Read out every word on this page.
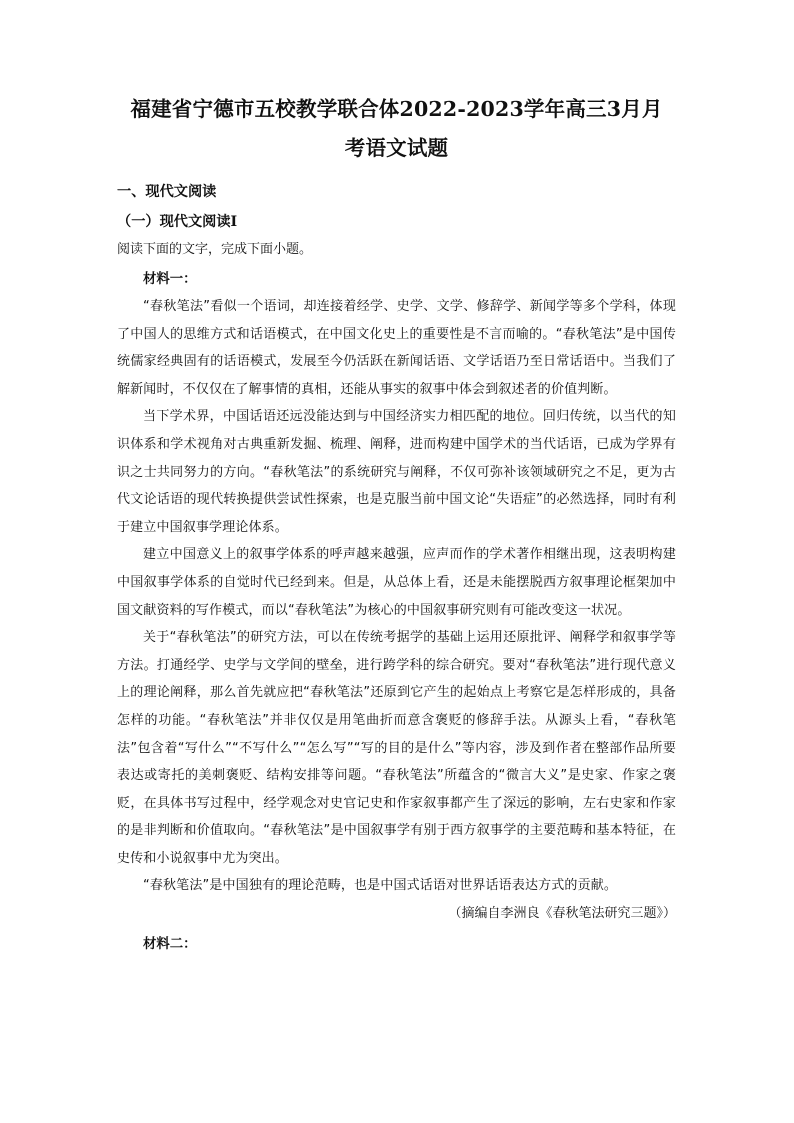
福建省宁德市五校教学联合体2022-2023学年高三3月月
考语文试题
一、现代文阅读
（一）现代文阅读Ⅰ
阅读下面的文字，完成下面小题。
材料一：

“春秋笔法”看似一个语词，却连接着经学、史学、文学、修辞学、新闻学等多个学科，体现了中国人的思维方式和话语模式，在中国文化史上的重要性是不言而喻的。“春秋笔法”是中国传统儒家经典固有的话语模式，发展至今仍活跃在新闻话语、文学话语乃至日常话语中。当我们了解新闻时，不仅仅在了解事情的真相，还能从事实的叙事中体会到叙述者的价值判断。

当下学术界，中国话语还远没能达到与中国经济实力相匹配的地位。回归传统，以当代的知识体系和学术视角对古典重新发掘、梳理、阐释，进而构建中国学术的当代话语，已成为学界有识之士共同努力的方向。“春秋笔法”的系统研究与阐释，不仅可弥补该领域研究之不足，更为古代文论话语的现代转换提供尝试性探索，也是克服当前中国文论“失语症”的必然选择，同时有利于建立中国叙事学理论体系。

建立中国意义上的叙事学体系的呼声越来越强，应声而作的学术著作相继出现，这表明构建中国叙事学体系的自觉时代已经到来。但是，从总体上看，还是未能摆脱西方叙事理论框架加中国文献资料的写作模式，而以“春秋笔法”为核心的中国叙事研究则有可能改变这一状况。

关于“春秋笔法”的研究方法，可以在传统考据学的基础上运用还原批评、阐释学和叙事学等方法。打通经学、史学与文学间的壁垒，进行跨学科的综合研究。要对“春秋笔法”进行现代意义上的理论阐释，那么首先就应把“春秋笔法”还原到它产生的起始点上考察它是怎样形成的，具备怎样的功能。“春秋笔法”并非仅仅是用笔曲折而意含褒贬的修辞手法。从源头上看，“春秋笔法”包含着“写什么”“不写什么”“怎么写”“写的目的是什么”等内容，涉及到作者在整部作品所要表达或寄托的美刺褒贬、结构安排等问题。“春秋笔法”所蕴含的“微言大义”是史家、作家之褒贬，在具体书写过程中，经学观念对史官记史和作家叙事都产生了深远的影响，左右史家和作家的是非判断和价值取向。“春秋笔法”是中国叙事学有别于西方叙事学的主要范畴和基本特征，在史传和小说叙事中尤为突出。

“春秋笔法”是中国独有的理论范畴，也是中国式话语对世界话语表达方式的贡献。

（摘编自李洲良《春秋笔法研究三题》）

材料二：
